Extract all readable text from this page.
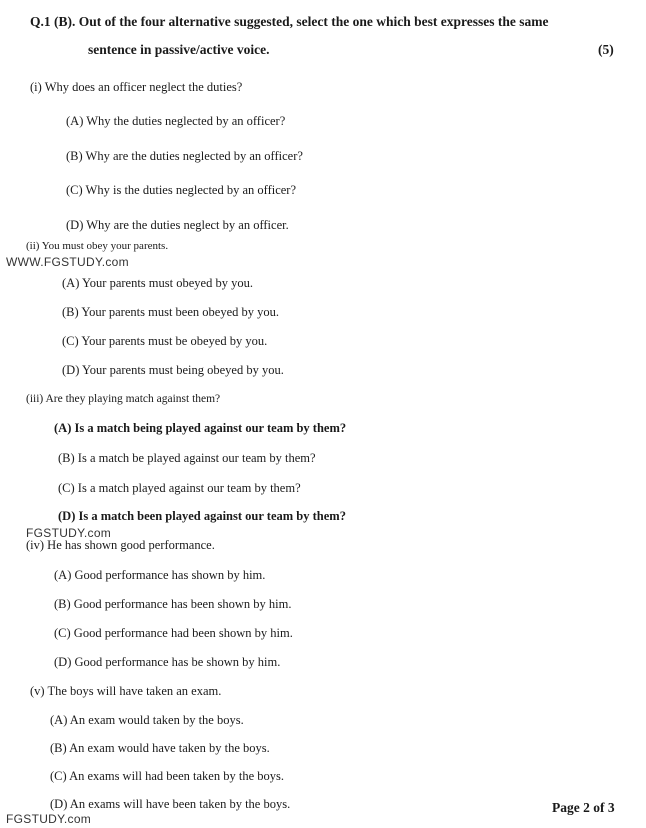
Q.1 (B). Out of the four alternative suggested, select the one which best expresses the same
sentence in passive/active voice.	(5)
(i) Why does an officer neglect the duties?
(A) Why the duties neglected by an officer?
(B) Why are the duties neglected by an officer?
(C) Why is the duties neglected by an officer?
(D) Why are the duties neglect by an officer.
(ii) You must obey your parents.
WWW.FGSTUDY.com
(A) Your parents must obeyed by you.
(B) Your parents must been obeyed by you.
(C) Your parents must be obeyed by you.
(D) Your parents must being obeyed by you.
(iii) Are they playing match against them?
(A) Is a match being played against our team by them?
(B) Is a match be played against our team by them?
(C) Is a match played against our team by them?
(D) Is a match been played against our team by them?
FGSTUDY.com
(iv) He has shown good performance.
(A) Good performance has shown by him.
(B) Good performance has been shown by him.
(C) Good performance had been shown by him.
(D) Good performance has be shown by him.
(v) The boys will have taken an exam.
(A) An exam would taken by the boys.
(B) An exam would have taken by the boys.
(C) An exams will had been taken by the boys.
(D) An exams will have been taken by the boys.
FGSTUDY.com
Page 2 of 3
